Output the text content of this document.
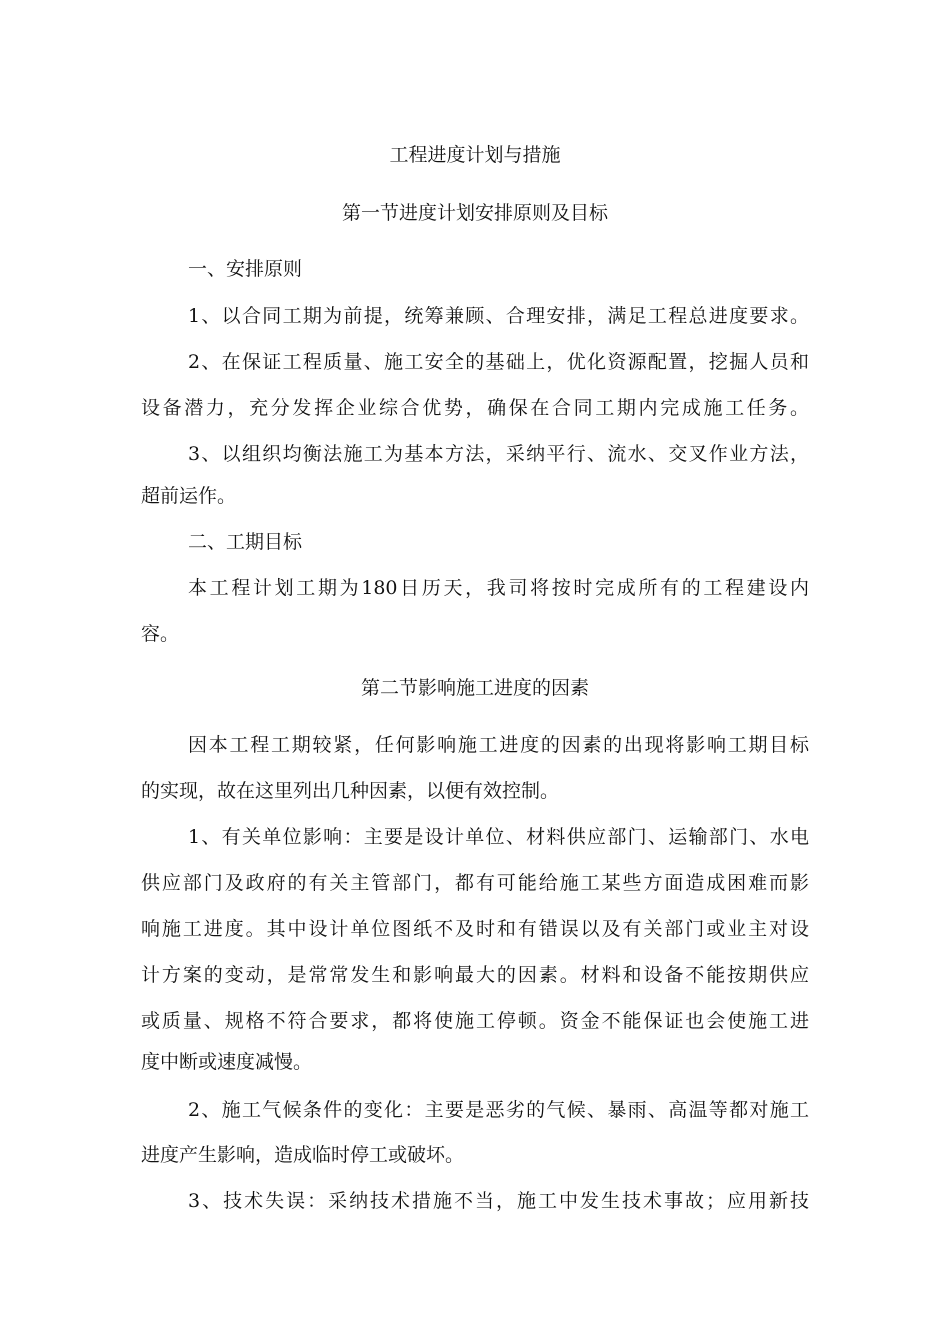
工程进度计划与措施
第一节进度计划安排原则及目标
一、安排原则
1、以合同工期为前提，统筹兼顾、合理安排，满足工程总进度要求。
2、在保证工程质量、施工安全的基础上，优化资源配置，挖掘人员和
设备潜力，充分发挥企业综合优势，确保在合同工期内完成施工任务。
3、以组织均衡法施工为基本方法，采纳平行、流水、交叉作业方法，
超前运作。
二、工期目标
本工程计划工期为180日历天，我司将按时完成所有的工程建设内
容。
第二节影响施工进度的因素
因本工程工期较紧，任何影响施工进度的因素的出现将影响工期目标
的实现，故在这里列出几种因素，以便有效控制。
1、有关单位影响：主要是设计单位、材料供应部门、运输部门、水电
供应部门及政府的有关主管部门，都有可能给施工某些方面造成困难而影
响施工进度。其中设计单位图纸不及时和有错误以及有关部门或业主对设
计方案的变动，是常常发生和影响最大的因素。材料和设备不能按期供应
或质量、规格不符合要求，都将使施工停顿。资金不能保证也会使施工进
度中断或速度减慢。
2、施工气候条件的变化：主要是恶劣的气候、暴雨、高温等都对施工
进度产生影响，造成临时停工或破坏。
3、技术失误：采纳技术措施不当，施工中发生技术事故；应用新技
